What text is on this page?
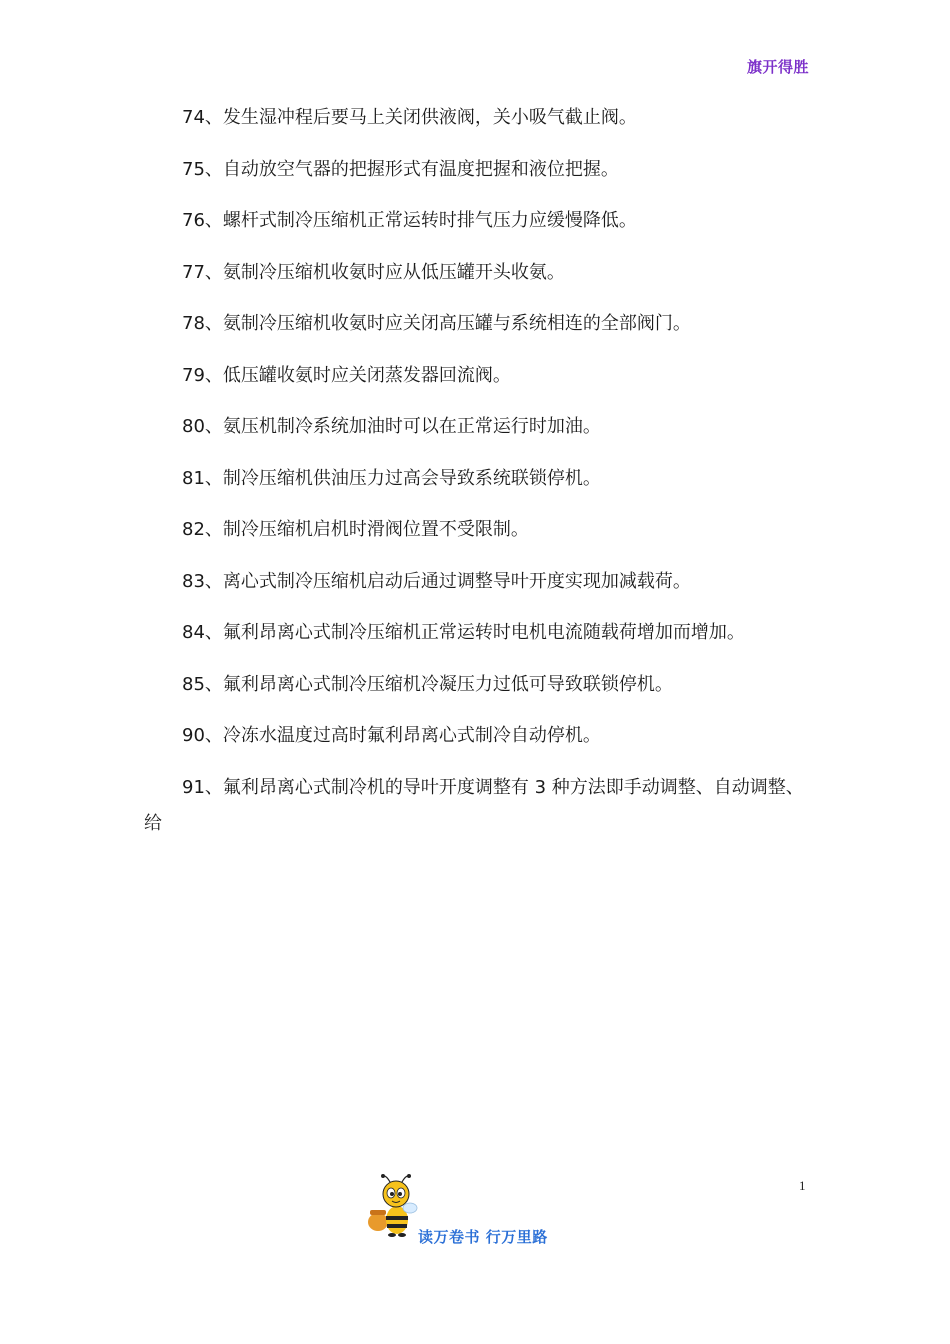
旗开得胜

74、发生湿冲程后要马上关闭供液阀，关小吸气截止阀。

75、自动放空气器的把握形式有温度把握和液位把握。

76、螺杆式制冷压缩机正常运转时排气压力应缓慢降低。

77、氨制冷压缩机收氨时应从低压罐开头收氨。

78、氨制冷压缩机收氨时应关闭高压罐与系统相连的全部阀门。

79、低压罐收氨时应关闭蒸发器回流阀。

80、氨压机制冷系统加油时可以在正常运行时加油。

81、制冷压缩机供油压力过高会导致系统联锁停机。

82、制冷压缩机启机时滑阀位置不受限制。

83、离心式制冷压缩机启动后通过调整导叶开度实现加减载荷。

84、氟利昂离心式制冷压缩机正常运转时电机电流随载荷增加而增加。

85、氟利昂离心式制冷压缩机冷凝压力过低可导致联锁停机。

90、冷冻水温度过高时氟利昂离心式制冷自动停机。

91、氟利昂离心式制冷机的导叶开度调整有 3 种方法即手动调整、自动调整、给

1
读万卷书 行万里路
